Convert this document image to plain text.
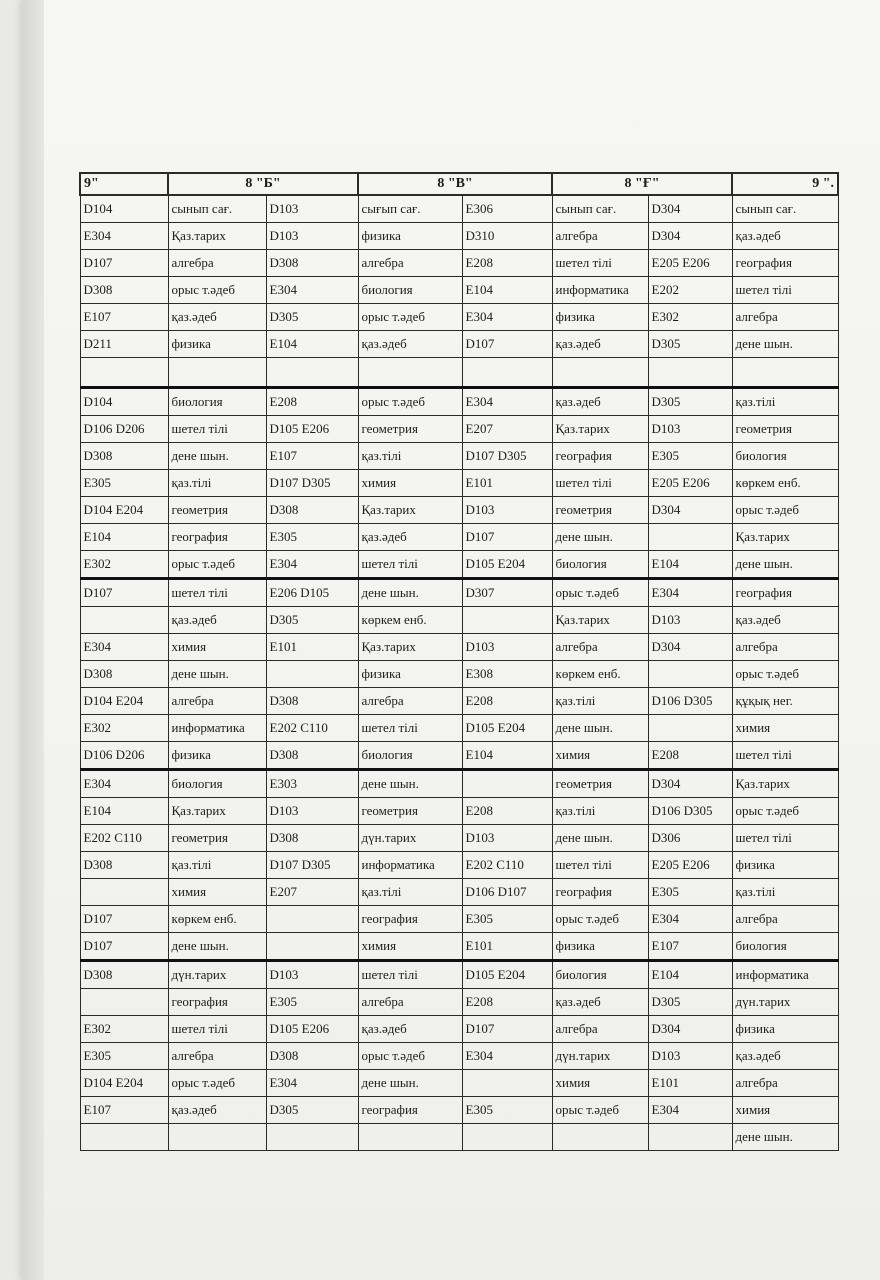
9"	8 "Б"		8 "В"		8 "Ғ"		9 ".
D104	сынып сағ.	D103	сығып сағ.	E306	сынып сағ.	D304	сынып сағ.
E304	Қаз.тарих	D103	физика	D310	алгебра	D304	қаз.әдеб
D107	алгебра	D308	алгебра	E208	шетел тілі	E205 E206	география
D308	орыс т.әдеб	E304	биология	E104	информатика	E202	шетел тілі
E107	қаз.әдеб	D305	орыс т.әдеб	E304	физика	E302	алгебра
D211	физика	E104	қаз.әдеб	D107	қаз.әдеб	D305	дене шын.

D104	биология	E208	орыс т.әдеб	E304	қаз.әдеб	D305	қаз.тілі
D106 D206	шетел тілі	D105 E206	геометрия	E207	Қаз.тарих	D103	геометрия
D308	дене шын.	E107	қаз.тілі	D107 D305	география	E305	биология
E305	қаз.тілі	D107 D305	химия	E101	шетел тілі	E205 E206	көркем енб.
D104 E204	геометрия	D308	Қаз.тарих	D103	геометрия	D304	орыс т.әдеб
E104	география	E305	қаз.әдеб	D107	дене шын.		Қаз.тарих
E302	орыс т.әдеб	E304	шетел тілі	D105 E204	биология	E104	дене шын.
D107	шетел тілі	E206 D105	дене шын.	D307	орыс т.әдеб	E304	география
	қаз.әдеб	D305	көркем енб.		Қаз.тарих	D103	қаз.әдеб
E304	химия	E101	Қаз.тарих	D103	алгебра	D304	алгебра
D308	дене шын.		физика	E308	көркем енб.		орыс т.әдеб
D104 E204	алгебра	D308	алгебра	E208	қаз.тілі	D106 D305	құқық нег.
E302	информатика	E202 C110	шетел тілі	D105 E204	дене шын.		химия
D106 D206	физика	D308	биология	E104	химия	E208	шетел тілі
E304	биология	E303	дене шын.		геометрия	D304	Қаз.тарих
E104	Қаз.тарих	D103	геометрия	E208	қаз.тілі	D106 D305	орыс т.әдеб
E202 C110	геометрия	D308	дүн.тарих	D103	дене шын.	D306	шетел тілі
D308	қаз.тілі	D107 D305	информатика	E202 C110	шетел тілі	E205 E206	физика
	химия	E207	қаз.тілі	D106 D107	география	E305	қаз.тілі
D107	көркем енб.		география	E305	орыс т.әдеб	E304	алгебра
D107	дене шын.		химия	E101	физика	E107	биология
D308	дүн.тарих	D103	шетел тілі	D105 E204	биология	E104	информатика
	география	E305	алгебра	E208	қаз.әдеб	D305	дүн.тарих
E302	шетел тілі	D105 E206	қаз.әдеб	D107	алгебра	D304	физика
E305	алгебра	D308	орыс т.әдеб	E304	дүн.тарих	D103	қаз.әдеб
D104 E204	орыс т.әдеб	E304	дене шын.		химия	E101	алгебра
E107	қаз.әдеб	D305	география	E305	орыс т.әдеб	E304	химия
							дене шын.
